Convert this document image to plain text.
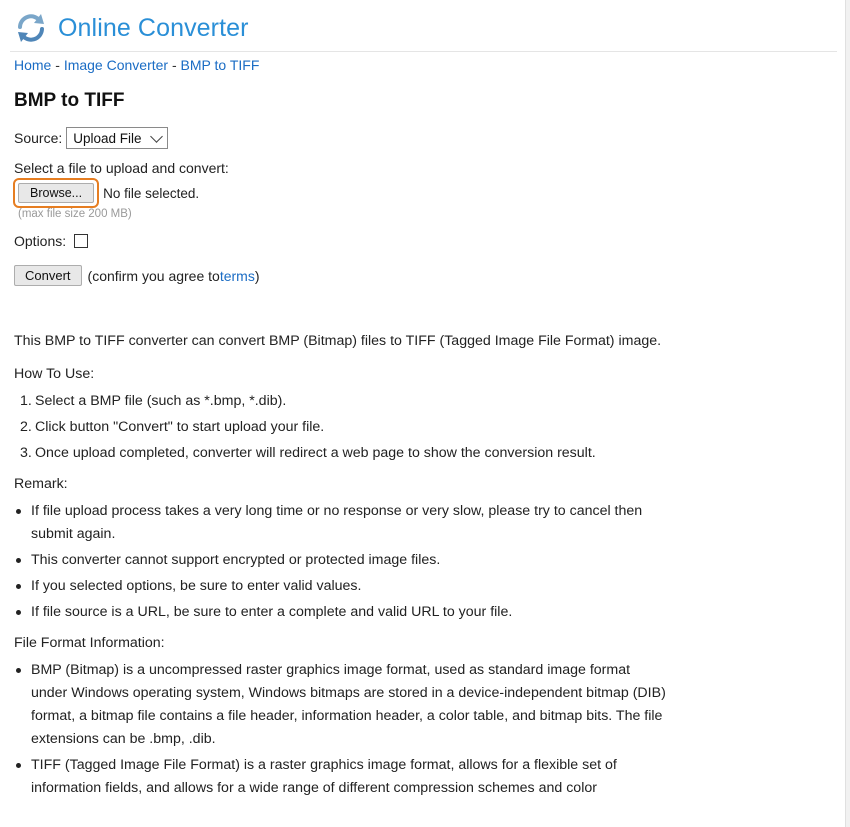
Online Converter
Home - Image Converter - BMP to TIFF
BMP to TIFF
Source: Upload File
Select a file to upload and convert:
Browse...	No file selected.
(max file size 200 MB)
Options:
Convert	(confirm you agree to terms )

This BMP to TIFF converter can convert BMP (Bitmap) files to TIFF (Tagged Image File Format) image.

How To Use:

1. Select a BMP file (such as *.bmp, *.dib).
2. Click button "Convert" to start upload your file.
3. Once upload completed, converter will redirect a web page to show the conversion result.

Remark:

If file upload process takes a very long time or no response or very slow, please try to cancel then submit again.
This converter cannot support encrypted or protected image files.
If you selected options, be sure to enter valid values.
If file source is a URL, be sure to enter a complete and valid URL to your file.

File Format Information:

BMP (Bitmap) is a uncompressed raster graphics image format, used as standard image format under Windows operating system, Windows bitmaps are stored in a device-independent bitmap (DIB) format, a bitmap file contains a file header, information header, a color table, and bitmap bits. The file extensions can be .bmp, .dib.
TIFF (Tagged Image File Format) is a raster graphics image format, allows for a flexible set of information fields, and allows for a wide range of different compression schemes and color
